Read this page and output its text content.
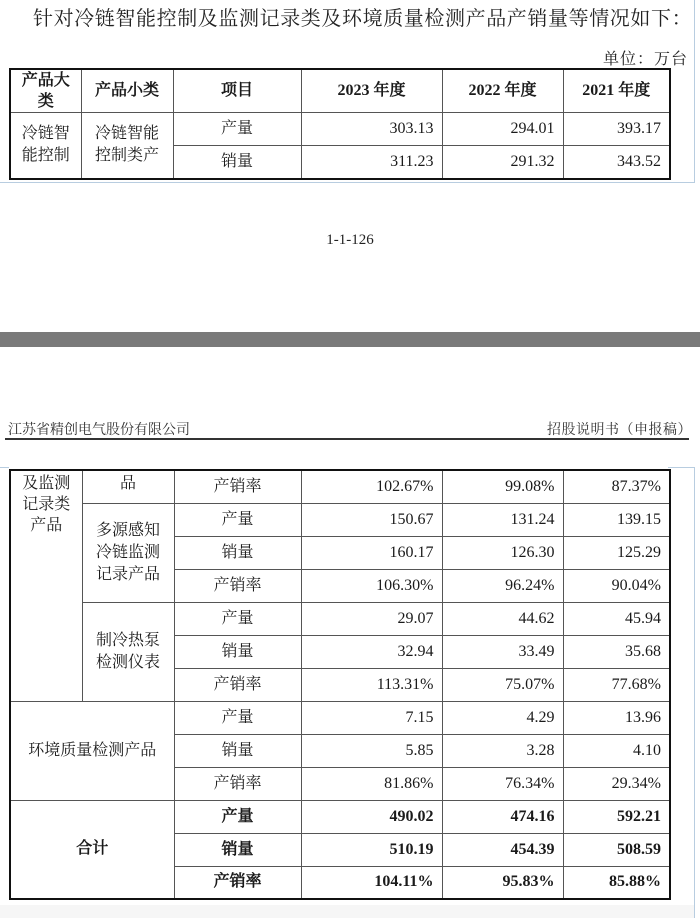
针对冷链智能控制及监测记录类及环境质量检测产品产销量等情况如下：
单位：万台
产品大类	产品小类	项目	2023 年度	2022 年度	2021 年度
冷链智能控制	冷链智能控制类产	产量	303.13	294.01	393.17
		销量	311.23	291.32	343.52
1-1-126
江苏省精创电气股份有限公司	招股说明书（申报稿）
及监测记录类产品	品	产销率	102.67%	99.08%	87.37%
	多源感知冷链监测记录产品	产量	150.67	131.24	139.15
		销量	160.17	126.30	125.29
		产销率	106.30%	96.24%	90.04%
	制冷热泵检测仪表	产量	29.07	44.62	45.94
		销量	32.94	33.49	35.68
		产销率	113.31%	75.07%	77.68%
环境质量检测产品		产量	7.15	4.29	13.96
		销量	5.85	3.28	4.10
		产销率	81.86%	76.34%	29.34%
合计		产量	490.02	474.16	592.21
		销量	510.19	454.39	508.59
		产销率	104.11%	95.83%	85.88%
